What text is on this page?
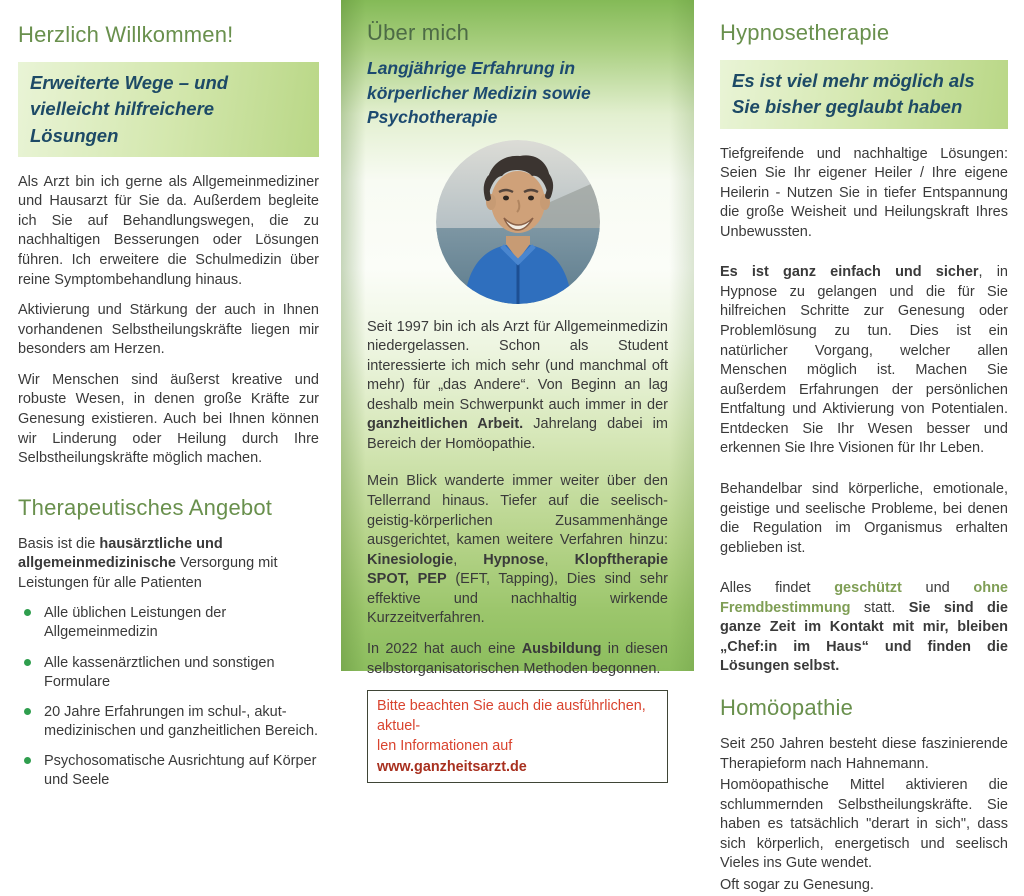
Herzlich Willkommen!
Erweiterte Wege – und vielleicht hilfreichere Lösungen

Als Arzt bin ich gerne als Allgemeinmediziner und Hausarzt für Sie da. Außerdem begleite ich Sie auf Behandlungswegen, die zu nachhaltigen Besserungen oder Lösungen führen. Ich erweitere die Schulmedizin über reine Symptombehandlung hinaus.

Aktivierung und Stärkung der auch in Ihnen vorhandenen Selbstheilungskräfte liegen mir besonders am Herzen.

Wir Menschen sind äußerst kreative und robuste Wesen, in denen große Kräfte zur Genesung existieren. Auch bei Ihnen können wir Linderung oder Heilung durch Ihre Selbstheilungskräfte möglich machen.

Therapeutisches Angebot

Basis ist die hausärztliche und allgemeinmedizinische Versorgung mit Leistungen für alle Patienten

Alle üblichen Leistungen der Allgemeinmedizin
Alle kassenärztlichen und sonstigen Formulare
20 Jahre Erfahrungen im schul-, akut-medizinischen und ganzheitlichen Bereich.
Psychosomatische Ausrichtung auf Körper und Seele
Über mich
Langjährige Erfahrung in körperlicher Medizin sowie Psychotherapie

Seit 1997 bin ich als Arzt für Allgemeinmedizin niedergelassen. Schon als Student interessierte ich mich sehr (und manchmal oft mehr) für „das Andere“. Von Beginn an lag deshalb mein Schwerpunkt auch immer in der ganzheitlichen Arbeit. Jahrelang dabei im Bereich der Homöopathie.

Mein Blick wanderte immer weiter über den Tellerrand hinaus. Tiefer auf die seelisch-geistig-körperlichen Zusammenhänge ausgerichtet, kamen weitere Verfahren hinzu: Kinesiologie, Hypnose, Klopftherapie SPOT, PEP (EFT, Tapping), Dies sind sehr effektive und nachhaltig wirkende Kurzzeitverfahren.

In 2022 hat auch eine Ausbildung in diesen selbstorganisatorischen Methoden begonnen.

Bitte beachten Sie auch die ausführlichen, aktuel-
len Informationen auf www.ganzheitsarzt.de
Hypnosetherapie
Es ist viel mehr möglich als Sie bisher geglaubt haben

Tiefgreifende und nachhaltige Lösungen: Seien Sie Ihr eigener Heiler / Ihre eigene Heilerin - Nutzen Sie in tiefer Entspannung die große Weisheit und Heilungskraft Ihres Unbewussten.

Es ist ganz einfach und sicher, in Hypnose zu gelangen und die für Sie hilfreichen Schritte zur Genesung oder Problemlösung zu tun. Dies ist ein natürlicher Vorgang, welcher allen Menschen möglich ist. Machen Sie außerdem Erfahrungen der persönlichen Entfaltung und Aktivierung von Potentialen. Entdecken Sie Ihr Wesen besser und erkennen Sie Ihre Visionen für Ihr Leben.

Behandelbar sind körperliche, emotionale, geistige und seelische Probleme, bei denen die Regulation im Organismus erhalten geblieben ist.

Alles findet geschützt und ohne Fremdbestimmung statt. Sie sind die ganze Zeit im Kontakt mit mir, bleiben „Chef:in im Haus“ und finden die Lösungen selbst.

Homöopathie

Seit 250 Jahren besteht diese faszinierende Therapieform nach Hahnemann.

Homöopathische Mittel aktivieren die schlummernden Selbstheilungskräfte. Sie haben es tatsächlich "derart in sich", dass sich körperlich, energetisch und seelisch Vieles ins Gute wendet.

Oft sogar zu Genesung.
